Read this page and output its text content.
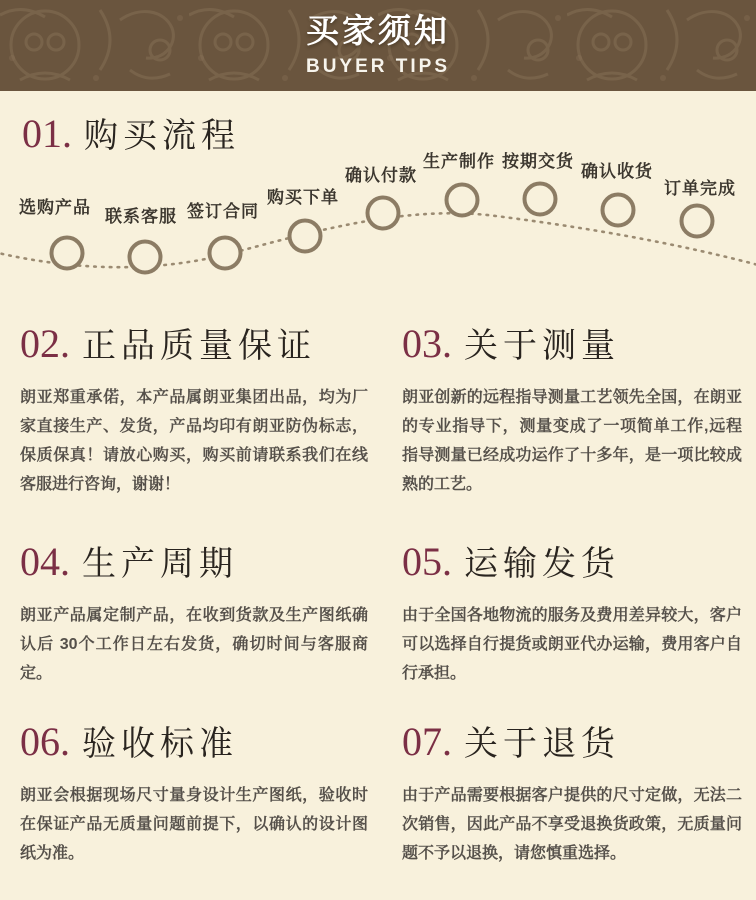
买家须知
BUYER TIPS
01. 购买流程
选购产品 联系客服 签订合同
购买下单
确认付款
生产制作 按期交货
确认收货
订单完成
02. 正品质量保证

朗亚郑重承偌，本产品属朗亚集团出品，均为厂家直接生产、发货，产品均印有朗亚防伪标志，保质保真！请放心购买，购买前请联系我们在线客服进行咨询，谢谢！

03. 关于测量

朗亚创新的远程指导测量工艺领先全国，在朗亚的专业指导下，测量变成了一项简单工作,远程指导测量已经成功运作了十多年，是一项比较成熟的工艺。

04. 生产周期

朗亚产品属定制产品，在收到货款及生产图纸确认后 30个工作日左右发货，确切时间与客服商定。

05. 运输发货

由于全国各地物流的服务及费用差异较大，客户可以选择自行提货或朗亚代办运输，费用客户自行承担。

06. 验收标准

朗亚会根据现场尺寸量身设计生产图纸，验收时在保证产品无质量问题前提下，以确认的设计图纸为准。

07. 关于退货

由于产品需要根据客户提供的尺寸定做，无法二次销售，因此产品不享受退换货政策，无质量问题不予以退换，请您慎重选择。
